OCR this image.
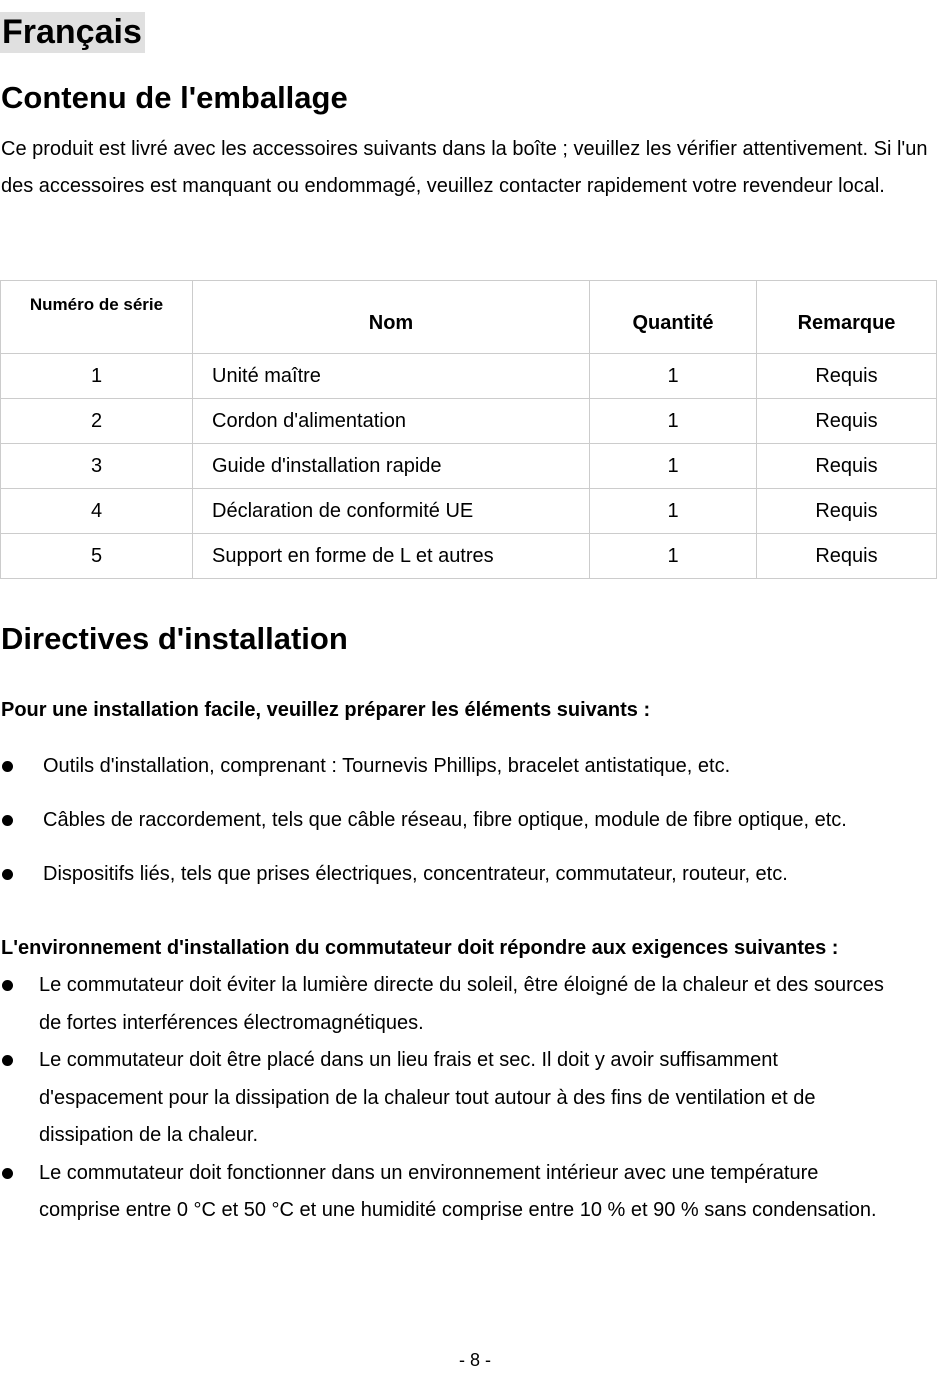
Français
Contenu de l'emballage

Ce produit est livré avec les accessoires suivants dans la boîte ; veuillez les vérifier attentivement. Si l'un des accessoires est manquant ou endommagé, veuillez contacter rapidement votre revendeur local.

Numéro de série	Nom	Quantité	Remarque
1	Unité maître	1	Requis
2	Cordon d'alimentation	1	Requis
3	Guide d'installation rapide	1	Requis
4	Déclaration de conformité UE	1	Requis
5	Support en forme de L et autres	1	Requis
Directives d'installation

Pour une installation facile, veuillez préparer les éléments suivants :

Outils d'installation, comprenant : Tournevis Phillips, bracelet antistatique, etc.
Câbles de raccordement, tels que câble réseau, fibre optique, module de fibre optique, etc.
Dispositifs liés, tels que prises électriques, concentrateur, commutateur, routeur, etc.

L'environnement d'installation du commutateur doit répondre aux exigences suivantes :

Le commutateur doit éviter la lumière directe du soleil, être éloigné de la chaleur et des sources de fortes interférences électromagnétiques.
Le commutateur doit être placé dans un lieu frais et sec. Il doit y avoir suffisamment d'espacement pour la dissipation de la chaleur tout autour à des fins de ventilation et de dissipation de la chaleur.
Le commutateur doit fonctionner dans un environnement intérieur avec une température comprise entre 0 °C et 50 °C et une humidité comprise entre 10 % et 90 % sans condensation.
- 8 -
